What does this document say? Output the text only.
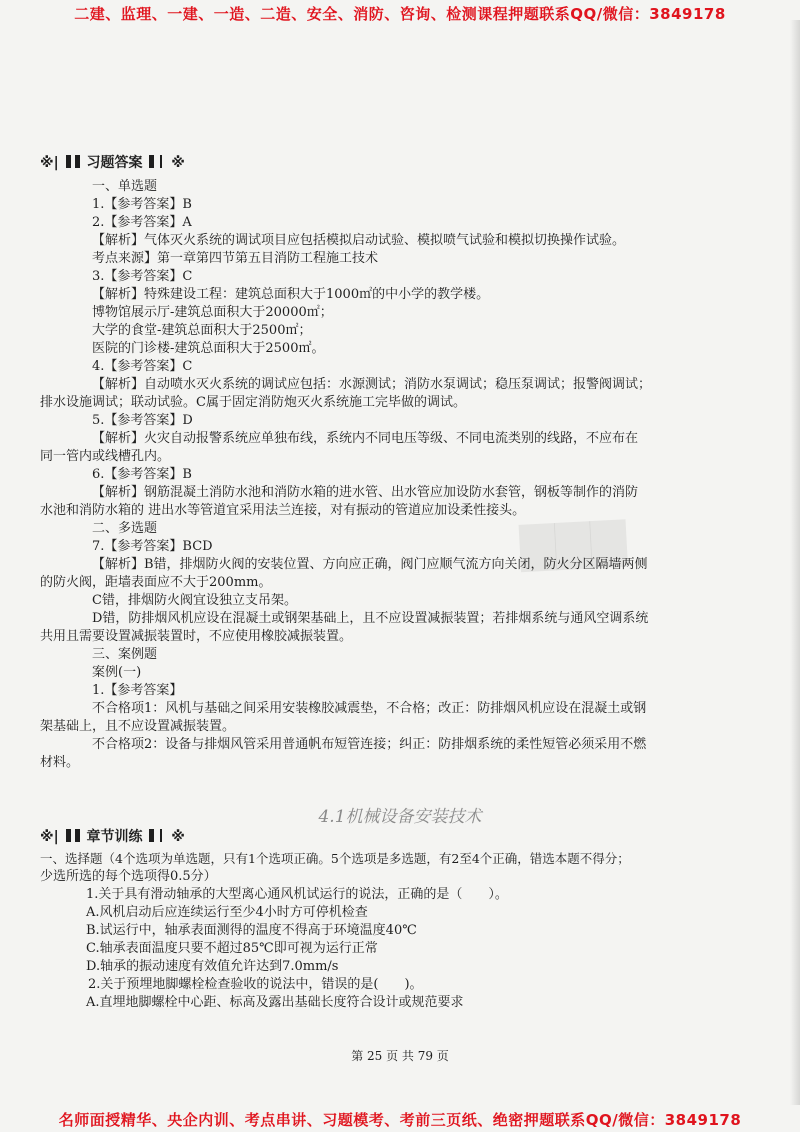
二建、监理、一建、一造、二造、安全、消防、咨询、检测课程押题联系QQ/微信：3849178
▇▇▇
※| 习题答案 ※
一、单选题
1.【参考答案】B
2.【参考答案】A
【解析】气体灭火系统的调试项目应包括模拟启动试验、模拟喷气试验和模拟切换操作试验。
考点来源】第一章第四节第五目消防工程施工技术
3.【参考答案】C
【解析】特殊建设工程：建筑总面积大于1000㎡的中小学的教学楼。
博物馆展示厅-建筑总面积大于20000㎡；
大学的食堂-建筑总面积大于2500㎡；
医院的门诊楼-建筑总面积大于2500㎡。
4.【参考答案】C
【解析】自动喷水灭火系统的调试应包括：水源测试；消防水泵调试；稳压泵调试；报警阀调试；
排水设施调试；联动试验。C属于固定消防炮灭火系统施工完毕做的调试。
5.【参考答案】D
【解析】火灾自动报警系统应单独布线，系统内不同电压等级、不同电流类别的线路，不应布在
同一管内或线槽孔内。
6.【参考答案】B
【解析】钢筋混凝土消防水池和消防水箱的进水管、出水管应加设防水套管，钢板等制作的消防
水池和消防水箱的 进出水等管道宜采用法兰连接，对有振动的管道应加设柔性接头。
二、多选题
7.【参考答案】BCD
【解析】B错，排烟防火阀的安装位置、方向应正确，阀门应顺气流方向关闭，防火分区隔墙两侧
的防火阀，距墙表面应不大于200mm。
C错，排烟防火阀宜设独立支吊架。
D错，防排烟风机应设在混凝土或钢架基础上，且不应设置减振装置；若排烟系统与通风空调系统
共用且需要设置减振装置时，不应使用橡胶减振装置。
三、案例题
案例(一)
1.【参考答案】
不合格项1：风机与基础之间采用安装橡胶减震垫，不合格；改正：防排烟风机应设在混凝土或钢
架基础上，且不应设置减振装置。
不合格项2：设备与排烟风管采用普通帆布短管连接；纠正：防排烟系统的柔性短管必须采用不燃
材料。
4.1机械设备安装技术
※| 章节训练 ※
一、选择题（4个选项为单选题，只有1个选项正确。5个选项是多选题，有2至4个正确，错选本题不得分；
少选所选的每个选项得0.5分）
1.关于具有滑动轴承的大型离心通风机试运行的说法，正确的是（　　）。
A.风机启动后应连续运行至少4小时方可停机检查
B.试运行中，轴承表面测得的温度不得高于环境温度40℃
C.轴承表面温度只要不超过85℃即可视为运行正常
D.轴承的振动速度有效值允许达到7.0mm/s
2.关于预埋地脚螺栓检查验收的说法中，错误的是(　　)。
A.直埋地脚螺栓中心距、标高及露出基础长度符合设计或规范要求
第 25 页 共 79 页
名师面授精华、央企内训、考点串讲、习题模考、考前三页纸、绝密押题联系QQ/微信：3849178
